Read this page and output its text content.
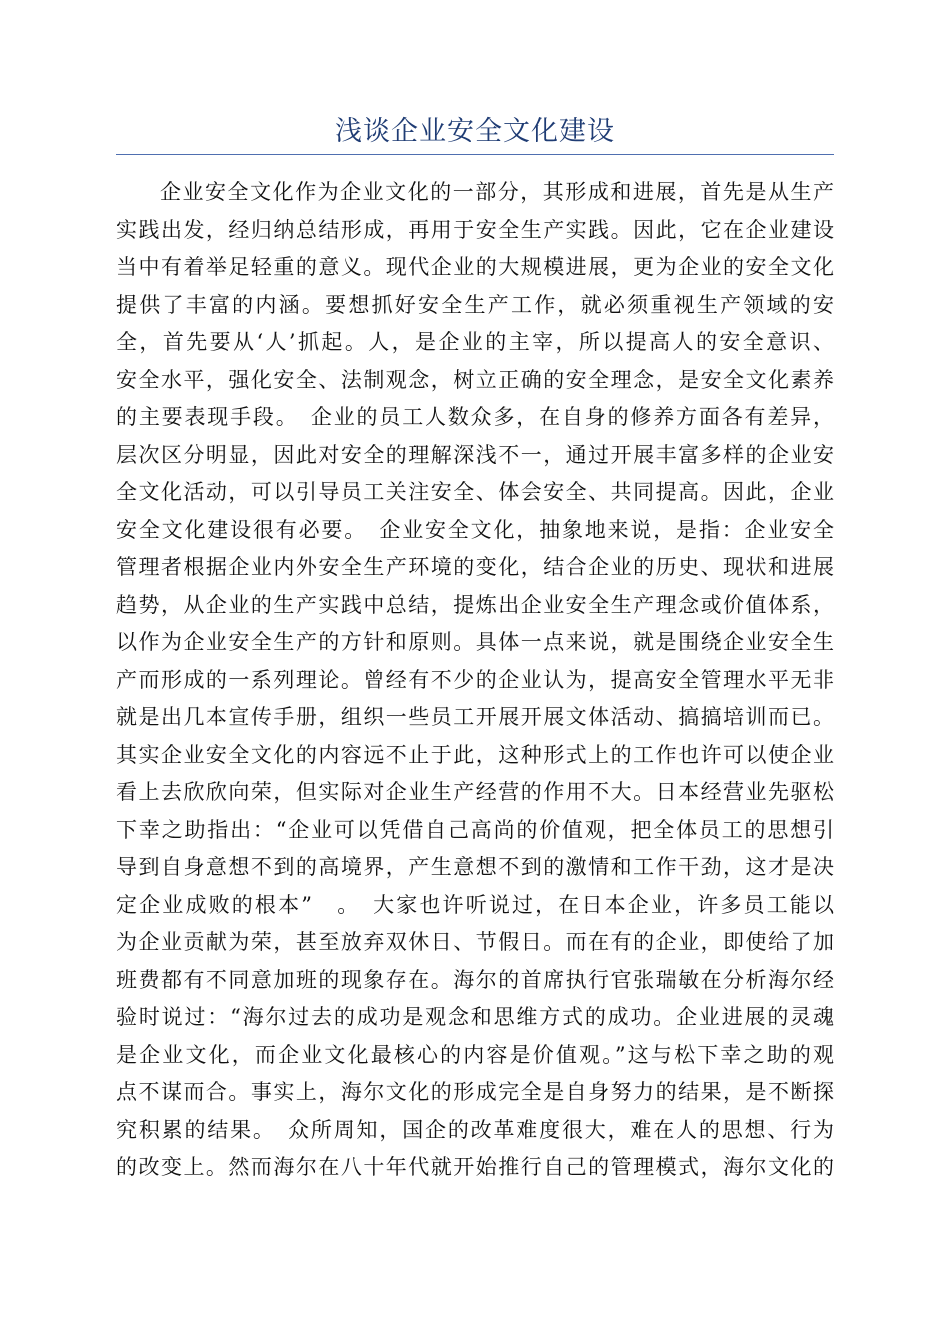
浅谈企业安全文化建设
企业安全文化作为企业文化的一部分，其形成和进展，首先是从生产
实践出发，经归纳总结形成，再用于安全生产实践。因此，它在企业建设
当中有着举足轻重的意义。现代企业的大规模进展，更为企业的安全文化
提供了丰富的内涵。要想抓好安全生产工作，就必须重视生产领域的安
全，首先要从‘人’抓起。人，是企业的主宰，所以提高人的安全意识、
安全水平，强化安全、法制观念，树立正确的安全理念，是安全文化素养
的主要表现手段。　企业的员工人数众多，在自身的修养方面各有差异，
层次区分明显，因此对安全的理解深浅不一，通过开展丰富多样的企业安
全文化活动，可以引导员工关注安全、体会安全、共同提高。因此，企业
安全文化建设很有必要。　企业安全文化，抽象地来说，是指：企业安全
管理者根据企业内外安全生产环境的变化，结合企业的历史、现状和进展
趋势，从企业的生产实践中总结，提炼出企业安全生产理念或价值体系，
以作为企业安全生产的方针和原则。具体一点来说，就是围绕企业安全生
产而形成的一系列理论。曾经有不少的企业认为，提高安全管理水平无非
就是出几本宣传手册，组织一些员工开展开展文体活动、搞搞培训而已。
其实企业安全文化的内容远不止于此，这种形式上的工作也许可以使企业
看上去欣欣向荣，但实际对企业生产经营的作用不大。日本经营业先驱松
下幸之助指出：“企业可以凭借自己高尚的价值观，把全体员工的思想引
导到自身意想不到的高境界，产生意想不到的激情和工作干劲，这才是决
定企业成败的根本”　。　大家也许听说过，在日本企业，许多员工能以
为企业贡献为荣，甚至放弃双休日、节假日。而在有的企业，即使给了加
班费都有不同意加班的现象存在。海尔的首席执行官张瑞敏在分析海尔经
验时说过：“海尔过去的成功是观念和思维方式的成功。企业进展的灵魂
是企业文化，而企业文化最核心的内容是价值观。”这与松下幸之助的观
点不谋而合。事实上，海尔文化的形成完全是自身努力的结果，是不断探
究积累的结果。　众所周知，国企的改革难度很大，难在人的思想、行为
的改变上。然而海尔在八十年代就开始推行自己的管理模式，海尔文化的
